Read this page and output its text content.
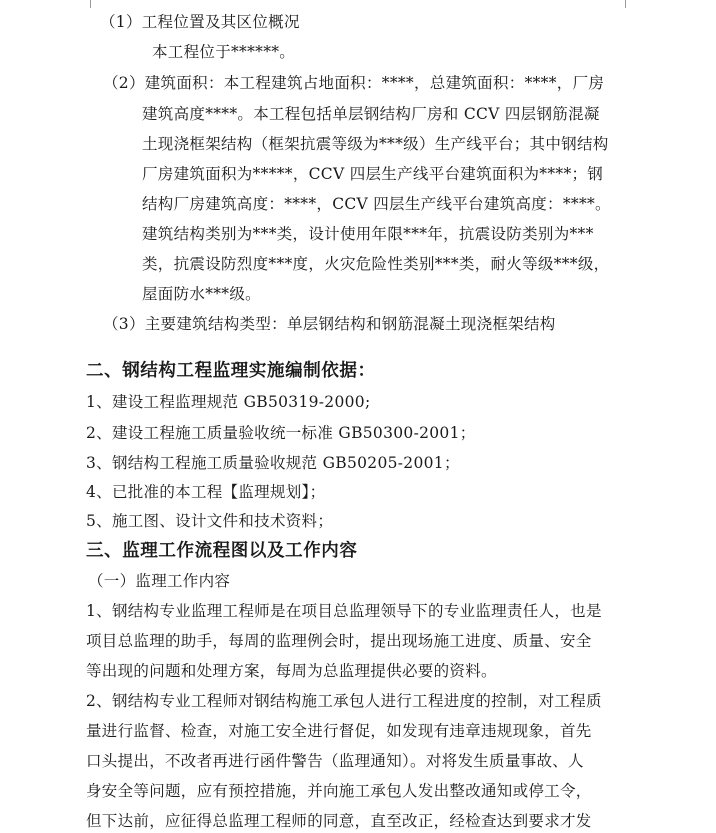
（1）工程位置及其区位概况
本工程位于******。
（2）建筑面积：本工程建筑占地面积：****，总建筑面积：****，厂房
建筑高度****。本工程包括单层钢结构厂房和 CCV 四层钢筋混凝
土现浇框架结构（框架抗震等级为***级）生产线平台；其中钢结构
厂房建筑面积为*****，CCV 四层生产线平台建筑面积为****；钢
结构厂房建筑高度：****，CCV 四层生产线平台建筑高度：****。
建筑结构类别为***类，设计使用年限***年，抗震设防类别为***
类，抗震设防烈度***度，火灾危险性类别***类，耐火等级***级，
屋面防水***级。
（3）主要建筑结构类型：单层钢结构和钢筋混凝土现浇框架结构
二、钢结构工程监理实施编制依据：
1、建设工程监理规范 GB50319-2000;
2、建设工程施工质量验收统一标准 GB50300-2001；
3、钢结构工程施工质量验收规范 GB50205-2001；
4、已批准的本工程【监理规划】；
5、施工图、设计文件和技术资料；
三、监理工作流程图以及工作内容
（一）监理工作内容
1、钢结构专业监理工程师是在项目总监理领导下的专业监理责任人，也是
项目总监理的助手，每周的监理例会时，提出现场施工进度、质量、安全
等出现的问题和处理方案，每周为总监理提供必要的资料。
2、钢结构专业工程师对钢结构施工承包人进行工程进度的控制，对工程质
量进行监督、检查，对施工安全进行督促，如发现有违章违规现象，首先
口头提出，不改者再进行函件警告（监理通知）。对将发生质量事故、人
身安全等问题，应有预控措施，并向施工承包人发出整改通知或停工令，
但下达前，应征得总监理工程师的同意，直至改正，经检查达到要求才发
